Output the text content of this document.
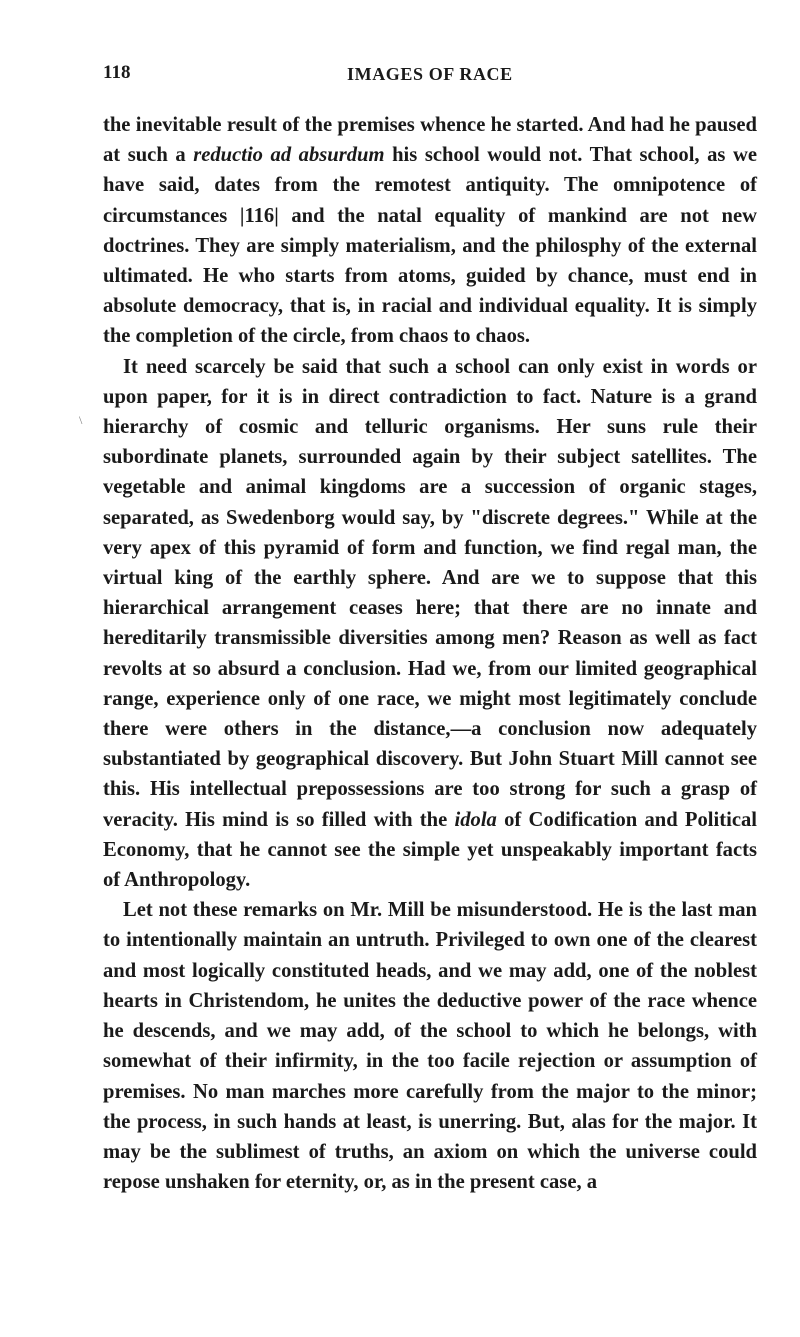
118	IMAGES OF RACE
\

the inevitable result of the premises whence he started. And had he paused at such a reductio ad absurdum his school would not. That school, as we have said, dates from the remotest antiquity. The omnipotence of circumstances |116| and the natal equality of mankind are not new doctrines. They are simply materialism, and the philosphy of the external ultimated. He who starts from atoms, guided by chance, must end in absolute democracy, that is, in racial and individual equality. It is simply the completion of the circle, from chaos to chaos.

It need scarcely be said that such a school can only exist in words or upon paper, for it is in direct contradiction to fact. Nature is a grand hierarchy of cosmic and telluric organisms. Her suns rule their subordinate planets, surrounded again by their subject satellites. The vegetable and animal kingdoms are a succession of organic stages, separated, as Swedenborg would say, by "discrete degrees." While at the very apex of this pyramid of form and function, we find regal man, the virtual king of the earthly sphere. And are we to suppose that this hierarchical arrangement ceases here; that there are no innate and hereditarily transmissible diversities among men? Reason as well as fact revolts at so absurd a conclusion. Had we, from our limited geographical range, experience only of one race, we might most legitimately conclude there were others in the distance,—a conclusion now adequately substantiated by geographical discovery. But John Stuart Mill cannot see this. His intellectual prepossessions are too strong for such a grasp of veracity. His mind is so filled with the idola of Codification and Political Economy, that he cannot see the simple yet unspeakably important facts of Anthropology.

Let not these remarks on Mr. Mill be misunderstood. He is the last man to intentionally maintain an untruth. Privileged to own one of the clearest and most logically constituted heads, and we may add, one of the noblest hearts in Christendom, he unites the deductive power of the race whence he descends, and we may add, of the school to which he belongs, with somewhat of their infirmity, in the too facile rejection or assumption of premises. No man marches more carefully from the major to the minor; the process, in such hands at least, is unerring. But, alas for the major. It may be the sublimest of truths, an axiom on which the universe could repose unshaken for eternity, or, as in the present case, a
